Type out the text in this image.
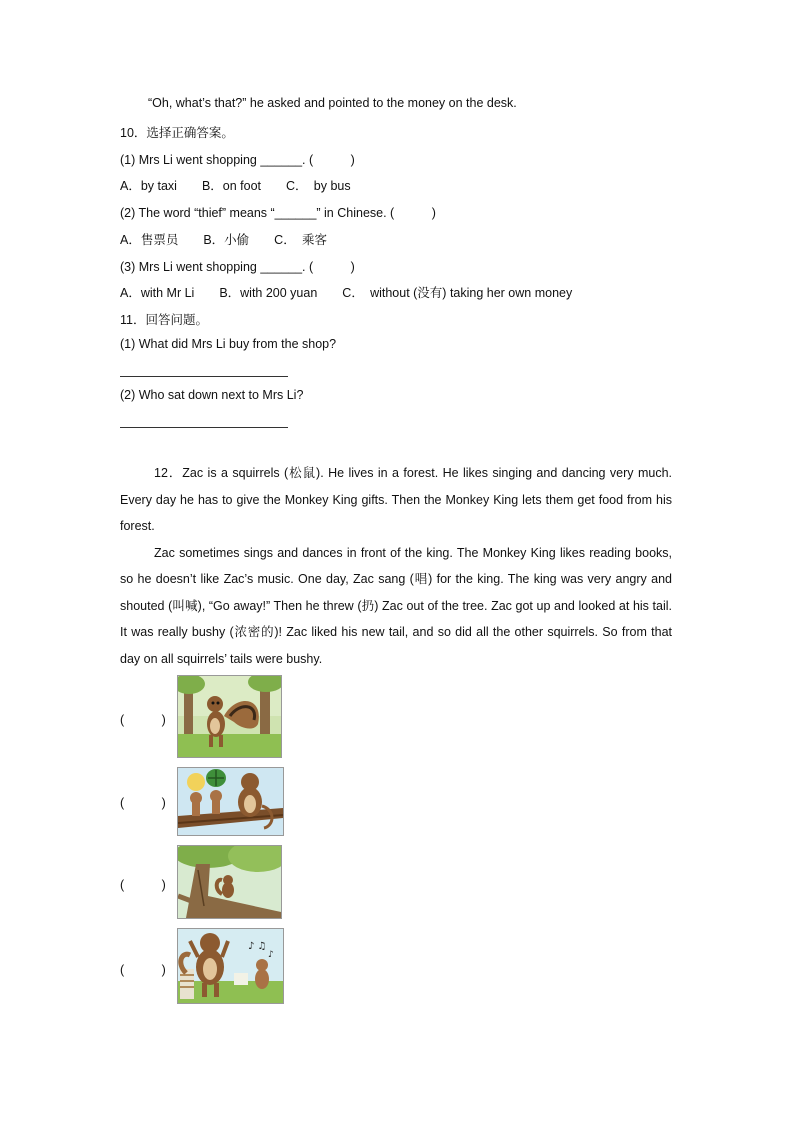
“Oh, what’s that?” he asked and pointed to the money on the desk.
10．选择正确答案。
(1) Mrs Li went shopping ______. (　　　)
A．by taxi　　B．on foot　　C．　by bus
(2) The word “thief” means “______” in Chinese. (　　　)
A．售票员　　B．小偷　　C．　乘客
(3) Mrs Li went shopping ______. (　　　)
A．with Mr Li　　B．with 200 yuan　　C．　without (没有) taking her own money
11．回答问题。
(1) What did Mrs Li buy from the shop?
(2) Who sat down next to Mrs Li?

12．Zac is a squirrels (松鼠). He lives in a forest. He likes singing and dancing very much. Every day he has to give the Monkey King gifts. Then the Monkey King lets them get food from his forest.

Zac sometimes sings and dances in front of the king. The Monkey King likes reading books, so he doesn’t like Zac’s music. One day, Zac sang (唱) for the king. The king was very angry and shouted (叫喊), “Go away!” Then he threw (扔) Zac out of the tree. Zac got up and looked at his tail. It was really bushy (浓密的)! Zac liked his new tail, and so did all the other squirrels. So from that day on all squirrels’ tails were bushy.

(　　　)
(　　　)
(　　　)
(　　　)
♪ ♫
♪
